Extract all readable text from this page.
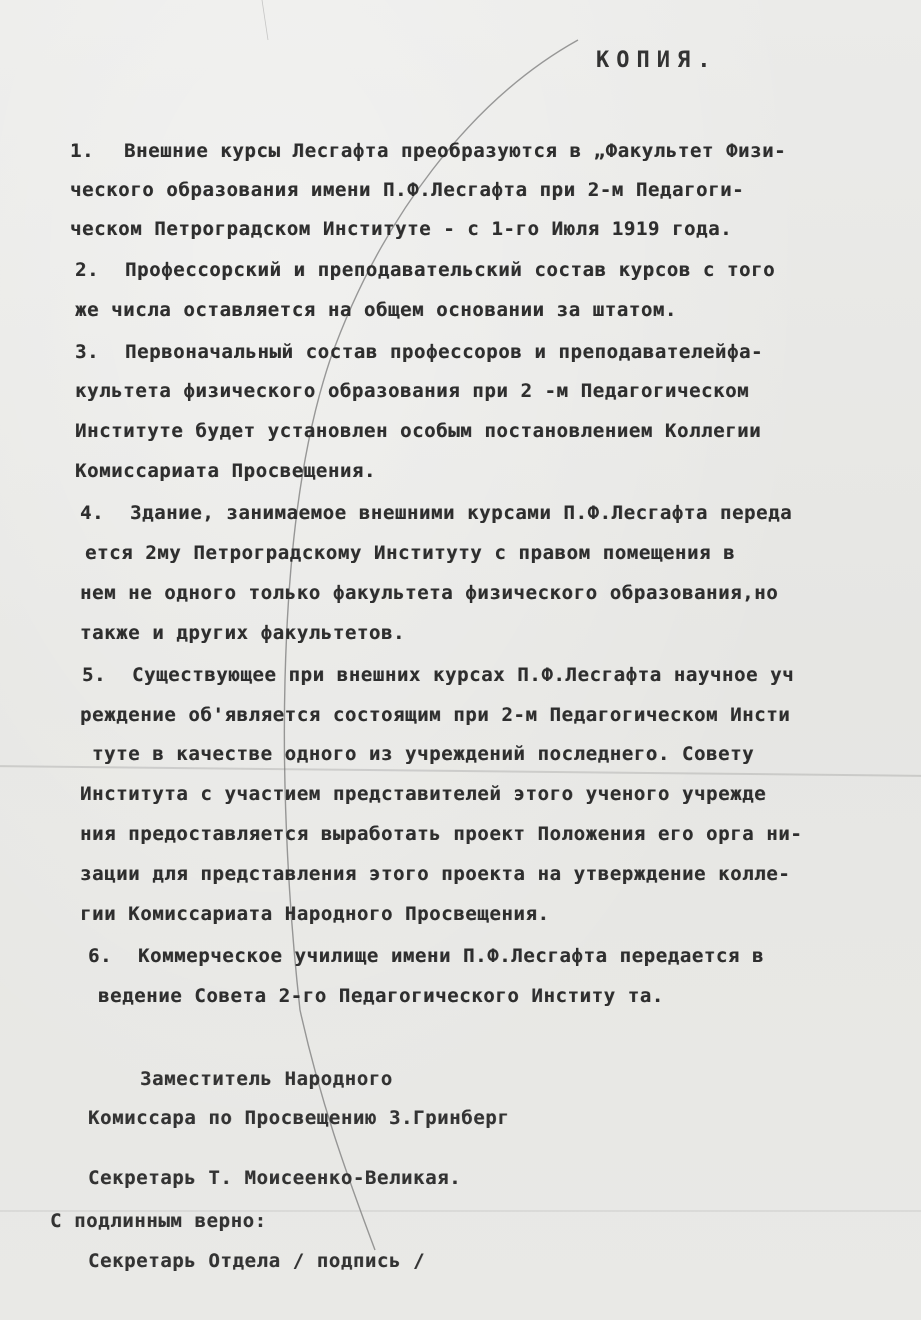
КОПИЯ.
1. Внешние курсы Лесгафта преобразуются в „Факультет Физи-
ческого образования имени П.Ф.Лесгафта при 2-м Педагоги-
ческом Петроградском Институте - с 1-го Июля 1919 года.
2. Профессорский и преподавательский состав курсов с того
же числа оставляется на общем основании за штатом.
3. Первоначальный состав профессоров и преподавателейфа-
культета физического образования при 2 -м Педагогическом
Институте будет установлен особым постановлением Коллегии
Комиссариата Просвещения.
4. Здание, занимаемое внешними курсами П.Ф.Лесгафта переда
ется 2му Петроградскому Институту с правом помещения в
нем не одного только факультета физического образования,но
также и других факультетов.
5. Существующее при внешних курсах П.Ф.Лесгафта научное уч
реждение об'является состоящим при 2-м Педагогическом Инсти
туте в качестве одного из учреждений последнего. Совету
Института с участием представителей этого ученого учрежде
ния предоставляется выработать проект Положения его орга ни-
зации для представления этого проекта на утверждение колле-
гии Комиссариата Народного Просвещения.
6. Коммерческое училище имени П.Ф.Лесгафта передается в
ведение Совета 2-го Педагогического Институ та.
Заместитель Народного
Комиссара по Просвещению З.Гринберг
Секретарь Т. Моисеенко-Великая.
С подлинным верно:
Секретарь Отдела / подпись /
